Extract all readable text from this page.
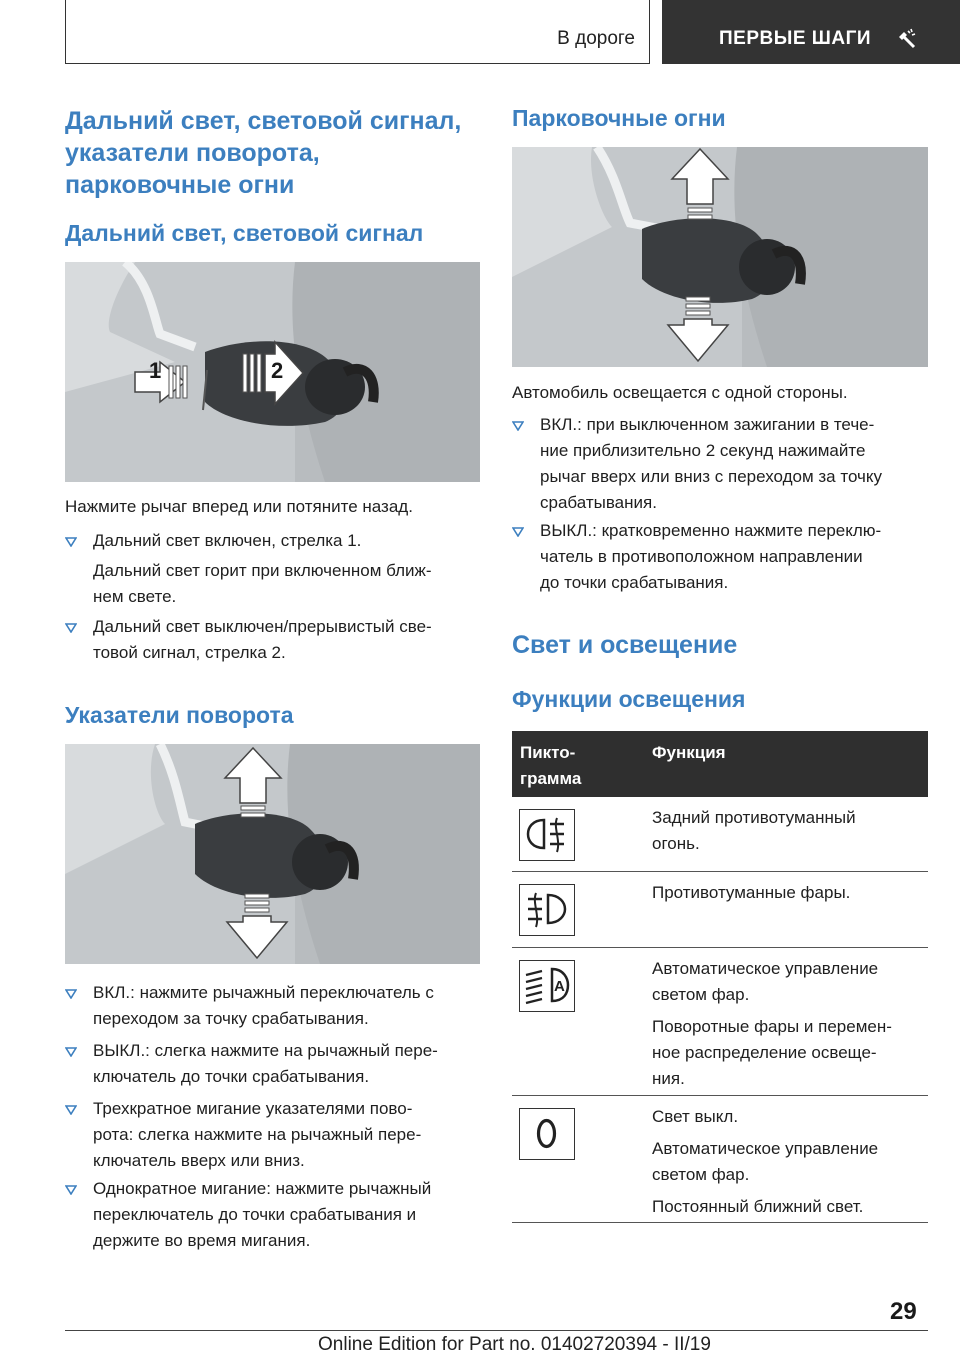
В дороге	ПЕРВЫЕ ШАГИ
Дальний свет, световой сигнал,
указатели поворота,
парковочные огни
Дальний свет, световой сигнал
1	2
Нажмите рычаг вперед или потяните назад.
Дальний свет включен, стрелка 1.
Дальний свет горит при включенном ближ-
нем свете.
Дальний свет выключен/прерывистый све-
товой сигнал, стрелка 2.
Указатели поворота
ВКЛ.: нажмите рычажный переключатель с
переходом за точку срабатывания.
ВЫКЛ.: слегка нажмите на рычажный пере-
ключатель до точки срабатывания.
Трехкратное мигание указателями пово-
рота: слегка нажмите на рычажный пере-
ключатель вверх или вниз.
Однократное мигание: нажмите рычажный
переключатель до точки срабатывания и
держите во время мигания.
Парковочные огни
Автомобиль освещается с одной стороны.
ВКЛ.: при выключенном зажигании в тече-
ние приблизительно 2 секунд нажимайте
рычаг вверх или вниз с переходом за точку
срабатывания.
ВЫКЛ.: кратковременно нажмите переклю-
чатель в противоположном направлении
до точки срабатывания.
Свет и освещение
Функции освещения
Пикто-
грамма
Функция
Задний противотуманный
огонь.
Противотуманные фары.
A
Автоматическое управление
светом фар.
Поворотные фары и перемен-
ное распределение освеще-
ния.
Свет выкл.
Автоматическое управление
светом фар.
Постоянный ближний свет.
29
Online Edition for Part no. 01402720394 - II/19
